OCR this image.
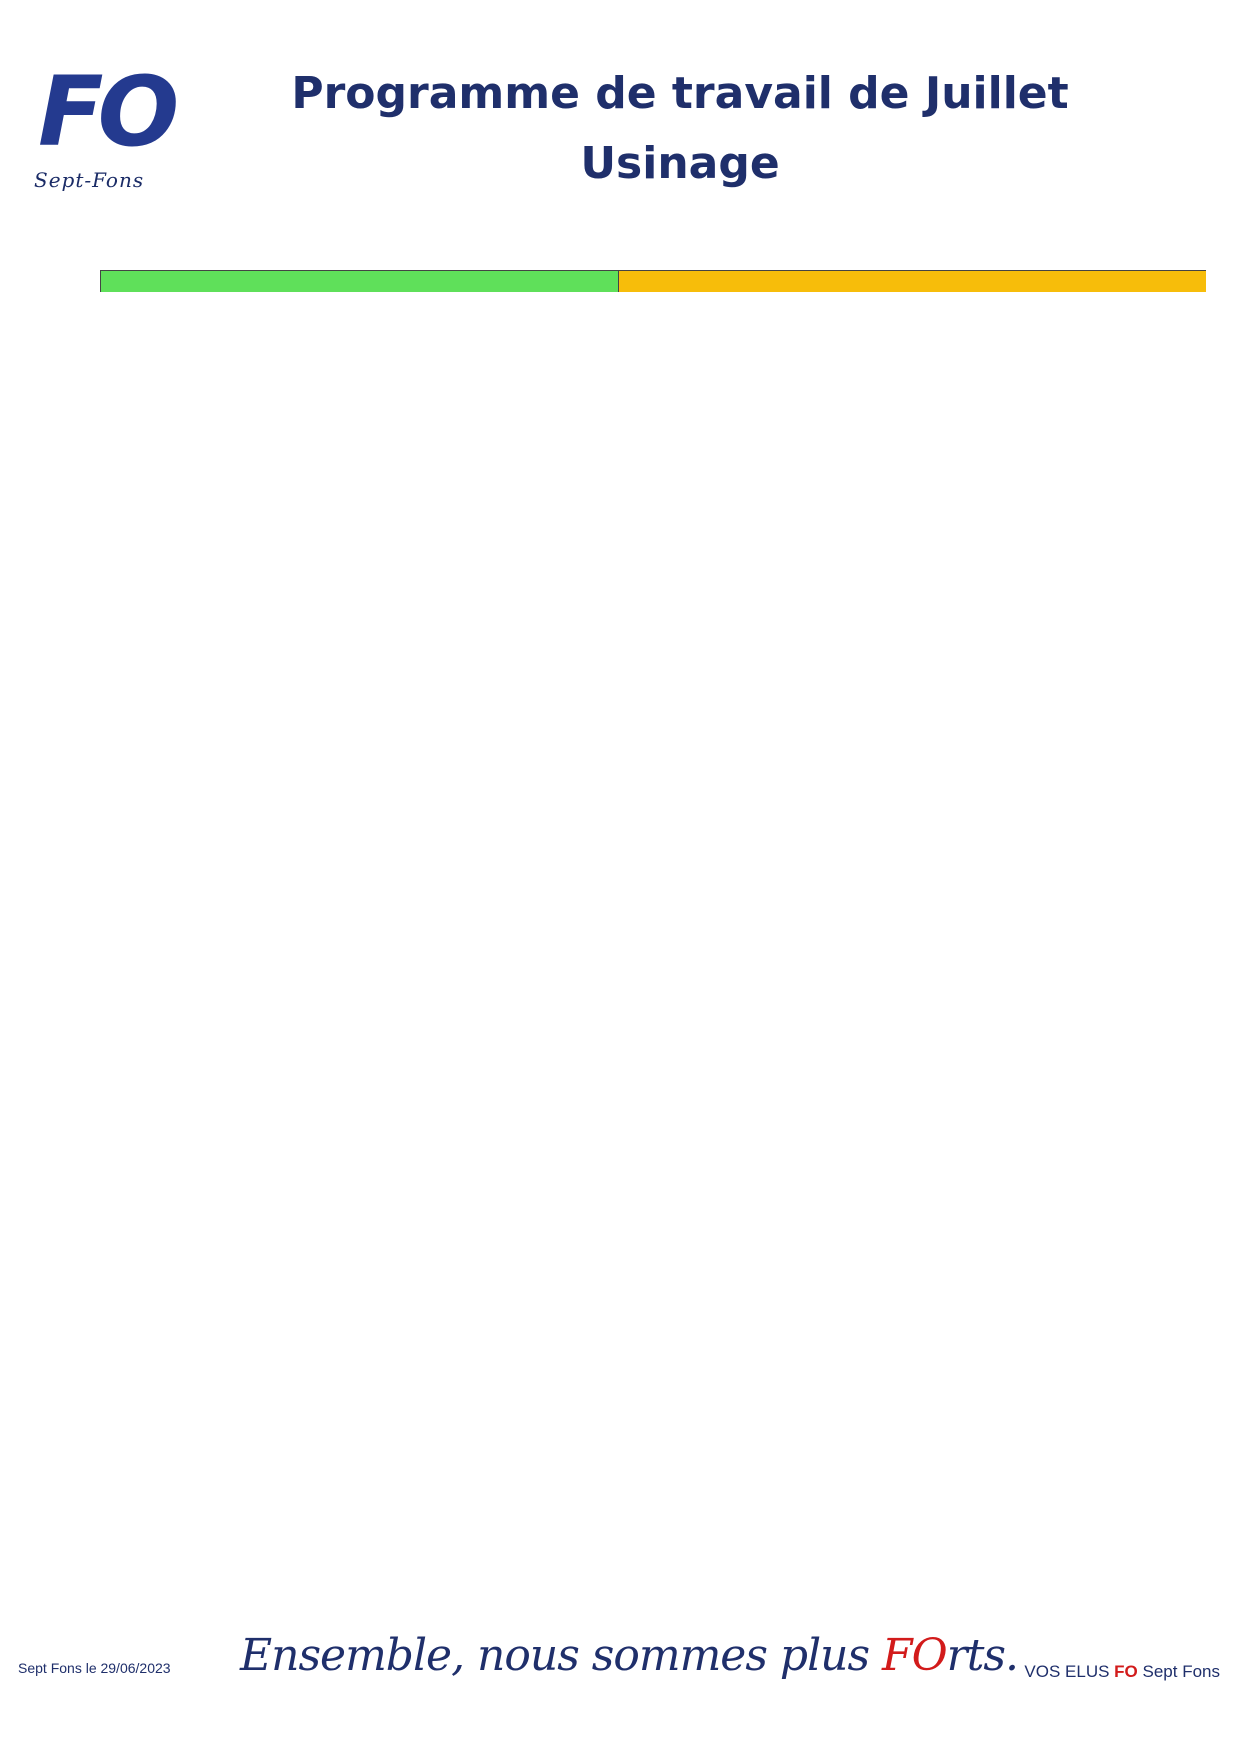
FO
Sept-Fons
Programme de travail de Juillet
Usinage
Sept Fons le 29/06/2023 Ensemble, nous sommes plus FOrts. VOS ELUS FO Sept Fons
